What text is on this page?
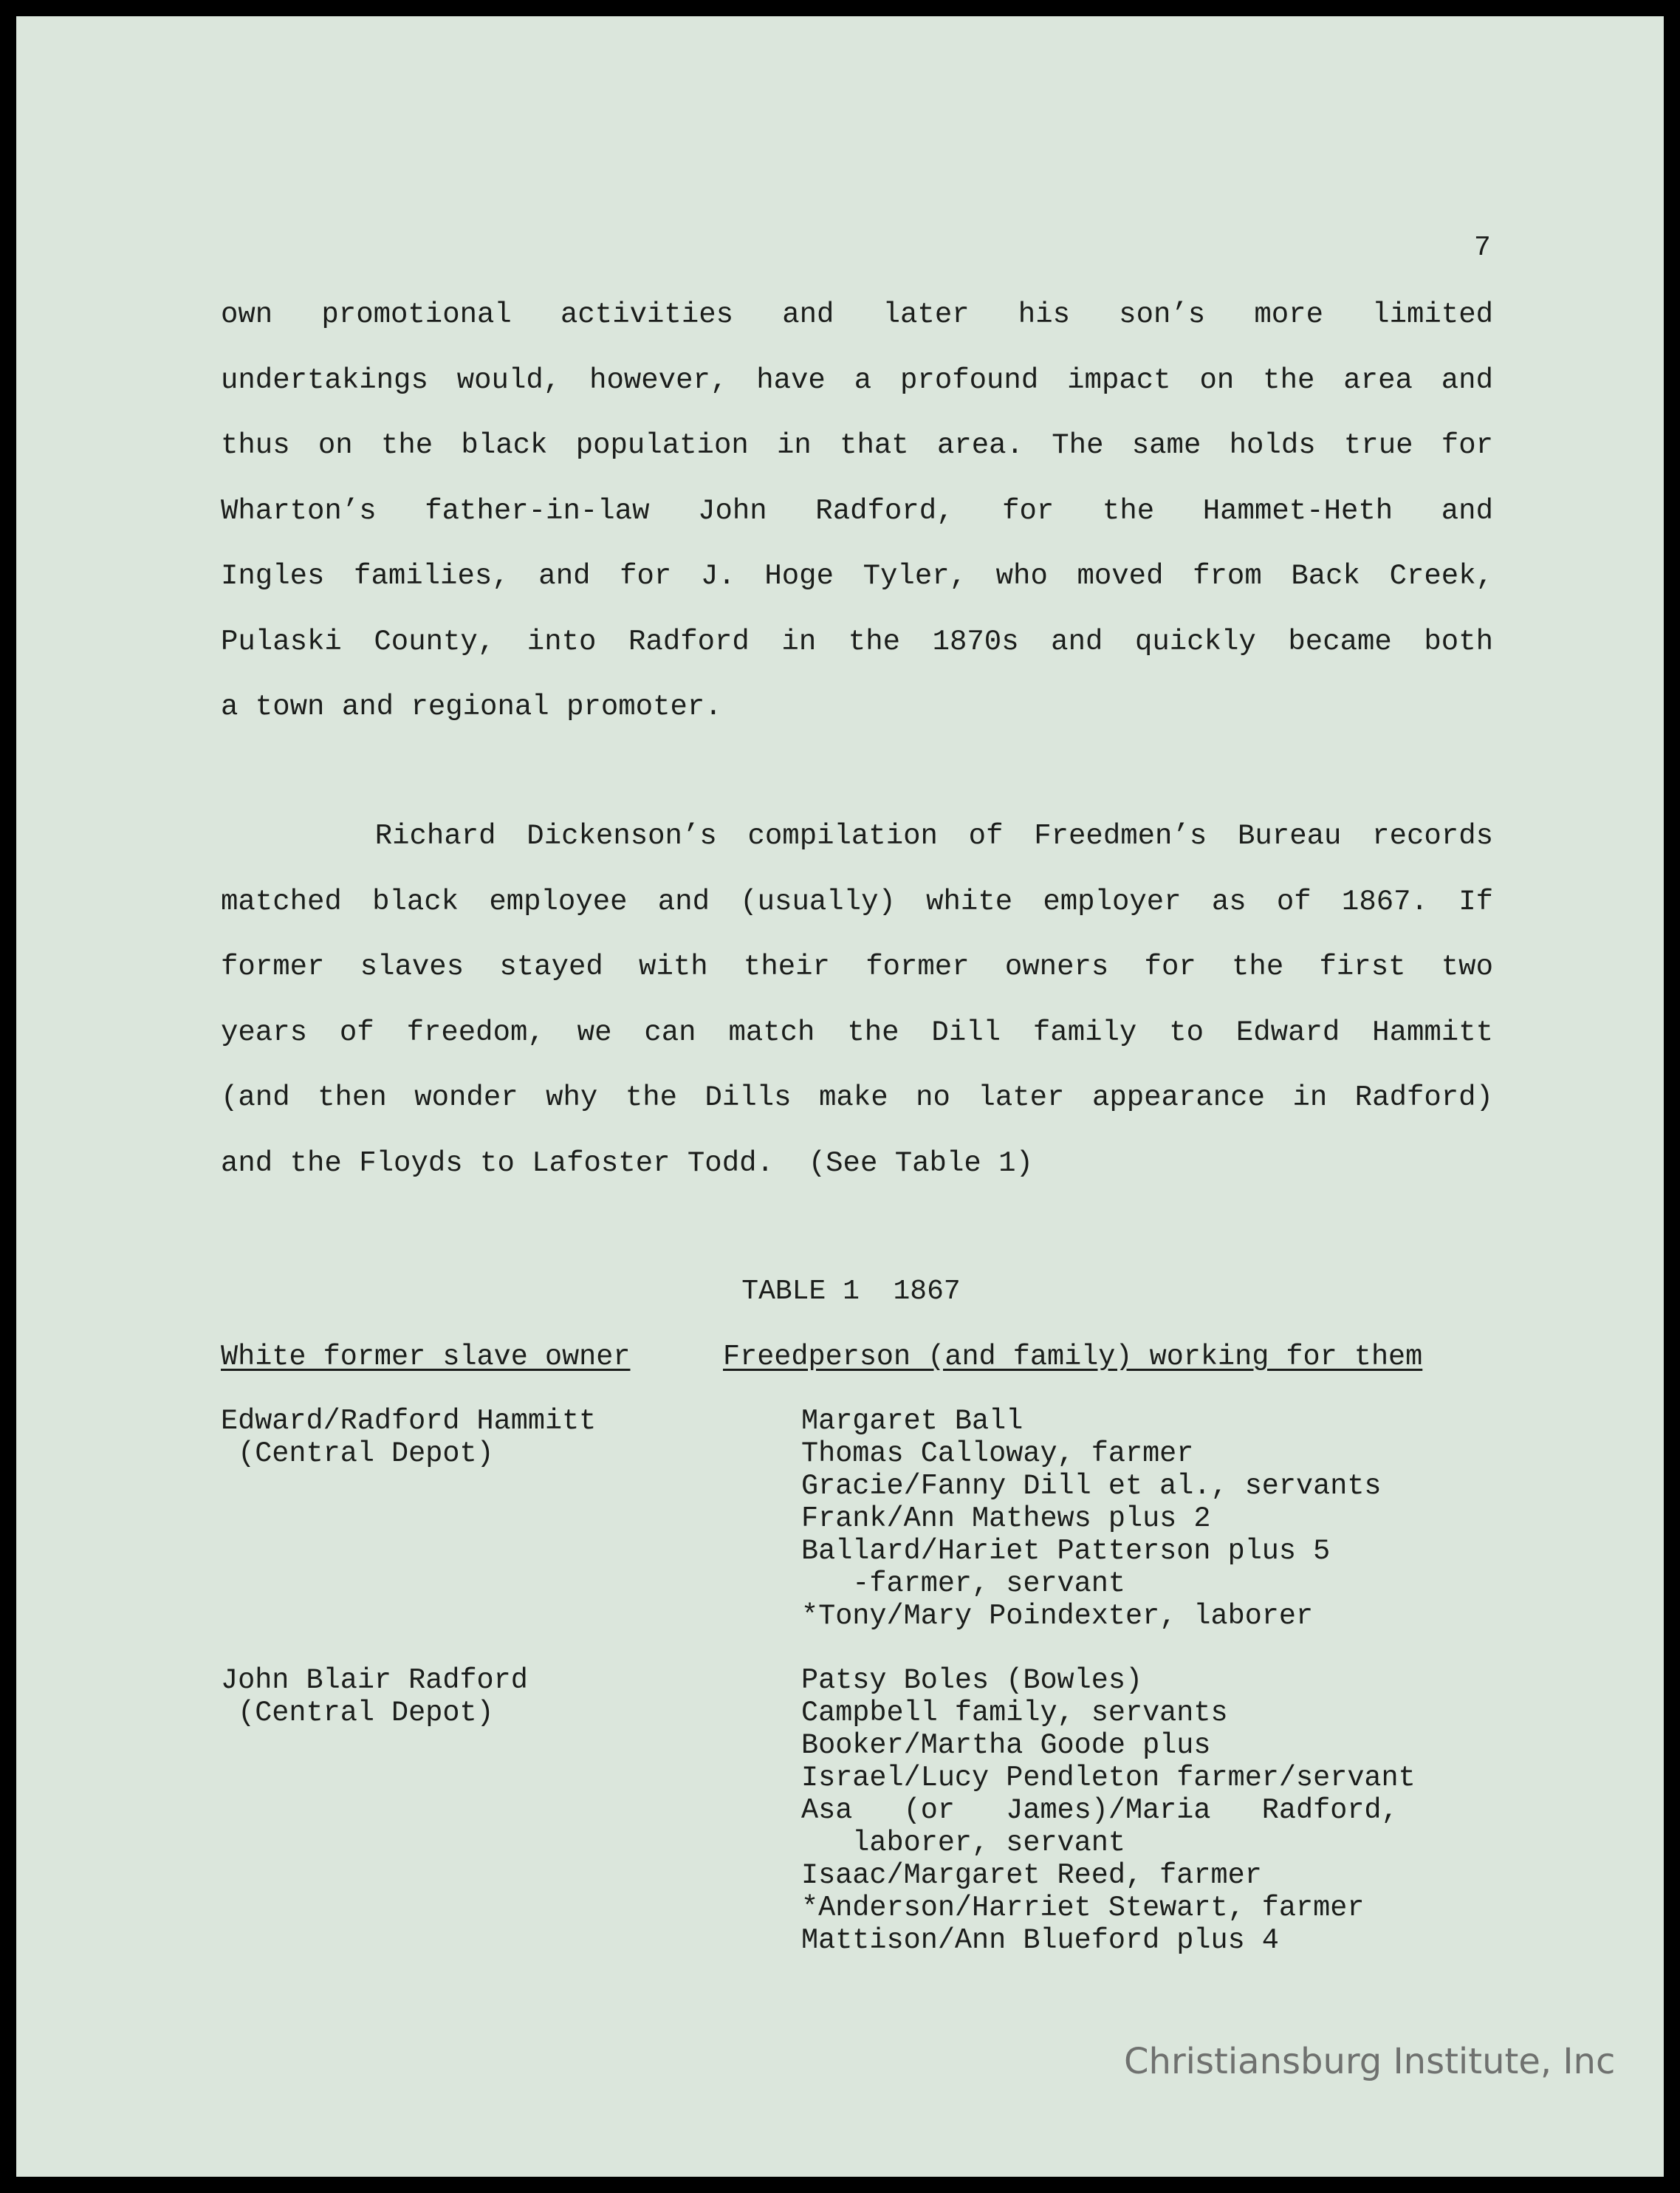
7
own promotional activities and later his son’s more limited
undertakings would, however, have a profound impact on the area and
thus on the black population in that area. The same holds true for
Wharton’s father-in-law John Radford, for the Hammet-Heth and
Ingles families, and for J. Hoge Tyler, who moved from Back Creek,
Pulaski County, into Radford in the 1870s and quickly became both
a town and regional promoter.
Richard Dickenson’s compilation of Freedmen’s Bureau records
matched black employee and (usually) white employer as of 1867. If
former slaves stayed with their former owners for the first two
years of freedom, we can match the Dill family to Edward Hammitt
(and then wonder why the Dills make no later appearance in Radford)
and the Floyds to Lafoster Todd.  (See Table 1)
TABLE 1  1867
White former slave owner	Freedperson (and family) working for them
Edward/Radford Hammitt
(Central Depot)
Margaret Ball
Thomas Calloway, farmer
Gracie/Fanny Dill et al., servants
Frank/Ann Mathews plus 2
Ballard/Hariet Patterson plus 5
-farmer, servant
*Tony/Mary Poindexter, laborer
John Blair Radford
(Central Depot)
Patsy Boles (Bowles)
Campbell family, servants
Booker/Martha Goode plus
Israel/Lucy Pendleton farmer/servant
Asa   (or   James)/Maria   Radford,
laborer, servant
Isaac/Margaret Reed, farmer
*Anderson/Harriet Stewart, farmer
Mattison/Ann Blueford plus 4
Christiansburg Institute, Inc
